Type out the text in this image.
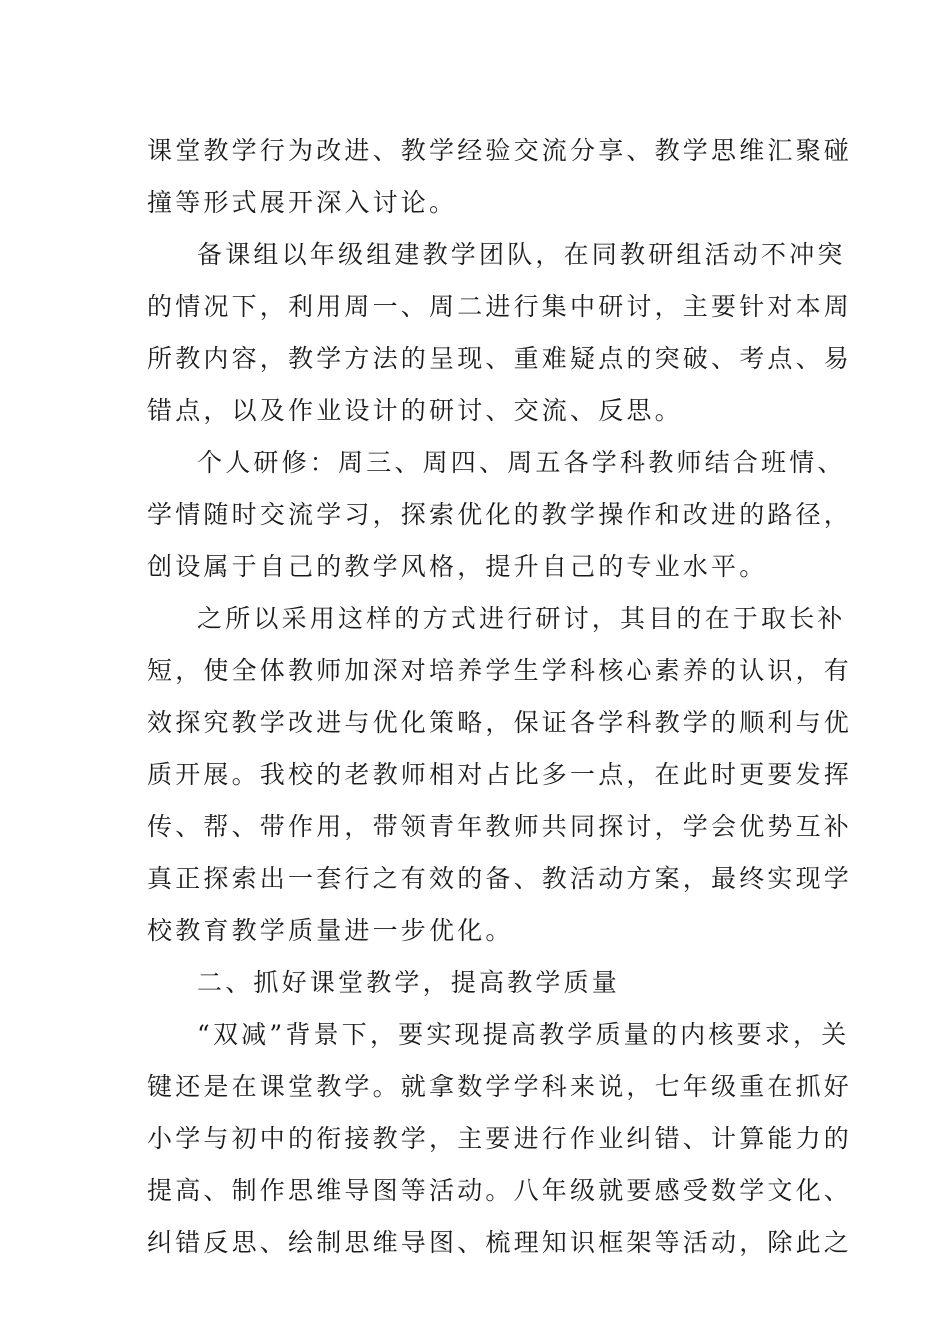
课堂教学行为改进、教学经验交流分享、教学思维汇聚碰

撞等形式展开深入讨论。

备课组以年级组建教学团队，在同教研组活动不冲突

的情况下，利用周一、周二进行集中研讨，主要针对本周

所教内容，教学方法的呈现、重难疑点的突破、考点、易

错点，以及作业设计的研讨、交流、反思。

个人研修：周三、周四、周五各学科教师结合班情、

学情随时交流学习，探索优化的教学操作和改进的路径，

创设属于自己的教学风格，提升自己的专业水平。

之所以采用这样的方式进行研讨，其目的在于取长补

短，使全体教师加深对培养学生学科核心素养的认识，有

效探究教学改进与优化策略，保证各学科教学的顺利与优

质开展。我校的老教师相对占比多一点，在此时更要发挥

传、帮、带作用，带领青年教师共同探讨，学会优势互补

真正探索出一套行之有效的备、教活动方案，最终实现学

校教育教学质量进一步优化。

二、抓好课堂教学，提高教学质量

“双减”背景下，要实现提高教学质量的内核要求，关

键还是在课堂教学。就拿数学学科来说，七年级重在抓好

小学与初中的衔接教学，主要进行作业纠错、计算能力的

提高、制作思维导图等活动。八年级就要感受数学文化、

纠错反思、绘制思维导图、梳理知识框架等活动，除此之
